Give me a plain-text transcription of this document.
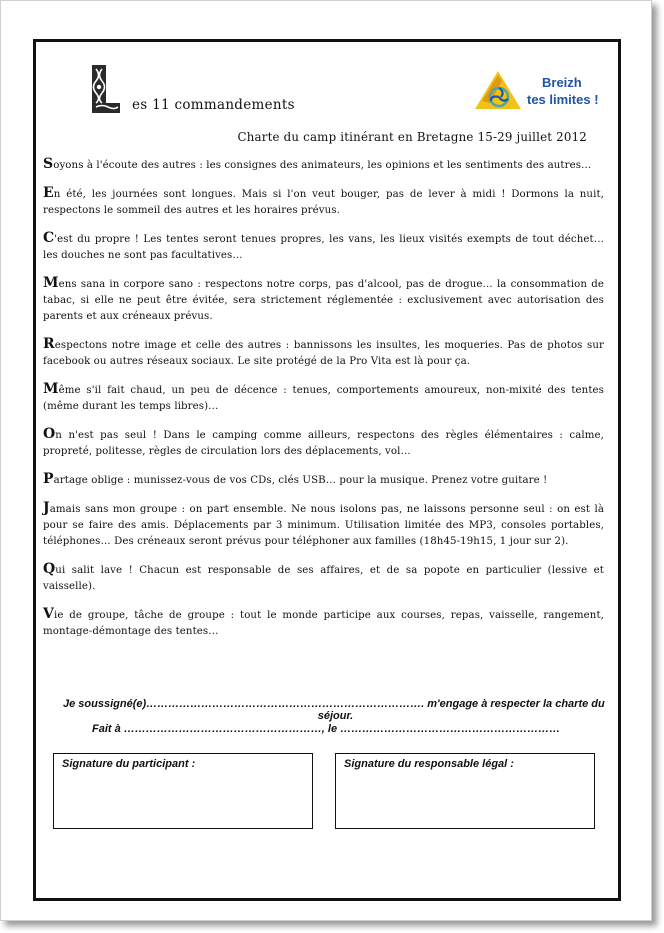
es 11 commandements
Breizh
tes limites !
Charte du camp itinérant en Bretagne 15-29 juillet 2012

Soyons à l'écoute des autres : les consignes des animateurs, les opinions et les sentiments des autres…

En été, les journées sont longues. Mais si l'on veut bouger, pas de lever à midi ! Dormons la nuit, respectons le sommeil des autres et les horaires prévus.

C'est du propre ! Les tentes seront tenues propres, les vans, les lieux visités exempts de tout déchet… les douches ne sont pas facultatives…

Mens sana in corpore sano : respectons notre corps, pas d'alcool, pas de drogue… la consommation de tabac, si elle ne peut être évitée, sera strictement réglementée : exclusivement avec autorisation des parents et aux créneaux prévus.

Respectons notre image et celle des autres : bannissons les insultes, les moqueries. Pas de photos sur facebook ou autres réseaux sociaux. Le site protégé de la Pro Vita est là pour ça.

Même s'il fait chaud, un peu de décence : tenues, comportements amoureux, non-mixité des tentes (même durant les temps libres)…

On n'est pas seul ! Dans le camping comme ailleurs, respectons des règles élémentaires : calme, propreté, politesse, règles de circulation lors des déplacements, vol…

Partage oblige : munissez-vous de vos CDs, clés USB… pour la musique. Prenez votre guitare !

Jamais sans mon groupe : on part ensemble. Ne nous isolons pas, ne laissons personne seul : on est là pour se faire des amis. Déplacements par 3 minimum. Utilisation limitée des MP3, consoles portables, téléphones… Des créneaux seront prévus pour téléphoner aux familles (18h45-19h15, 1 jour sur 2).

Qui salit lave ! Chacun est responsable de ses affaires, et de sa popote en particulier (lessive et vaisselle).

Vie de groupe, tâche de groupe : tout le monde participe aux courses, repas, vaisselle, rangement, montage-démontage des tentes…

Je soussigné(e)…………………………………………………………………. m'engage à respecter la charte du
séjour.
Fait à ………………………………………………, le ……………………………………………………
Signature du participant :	Signature du responsable légal :
